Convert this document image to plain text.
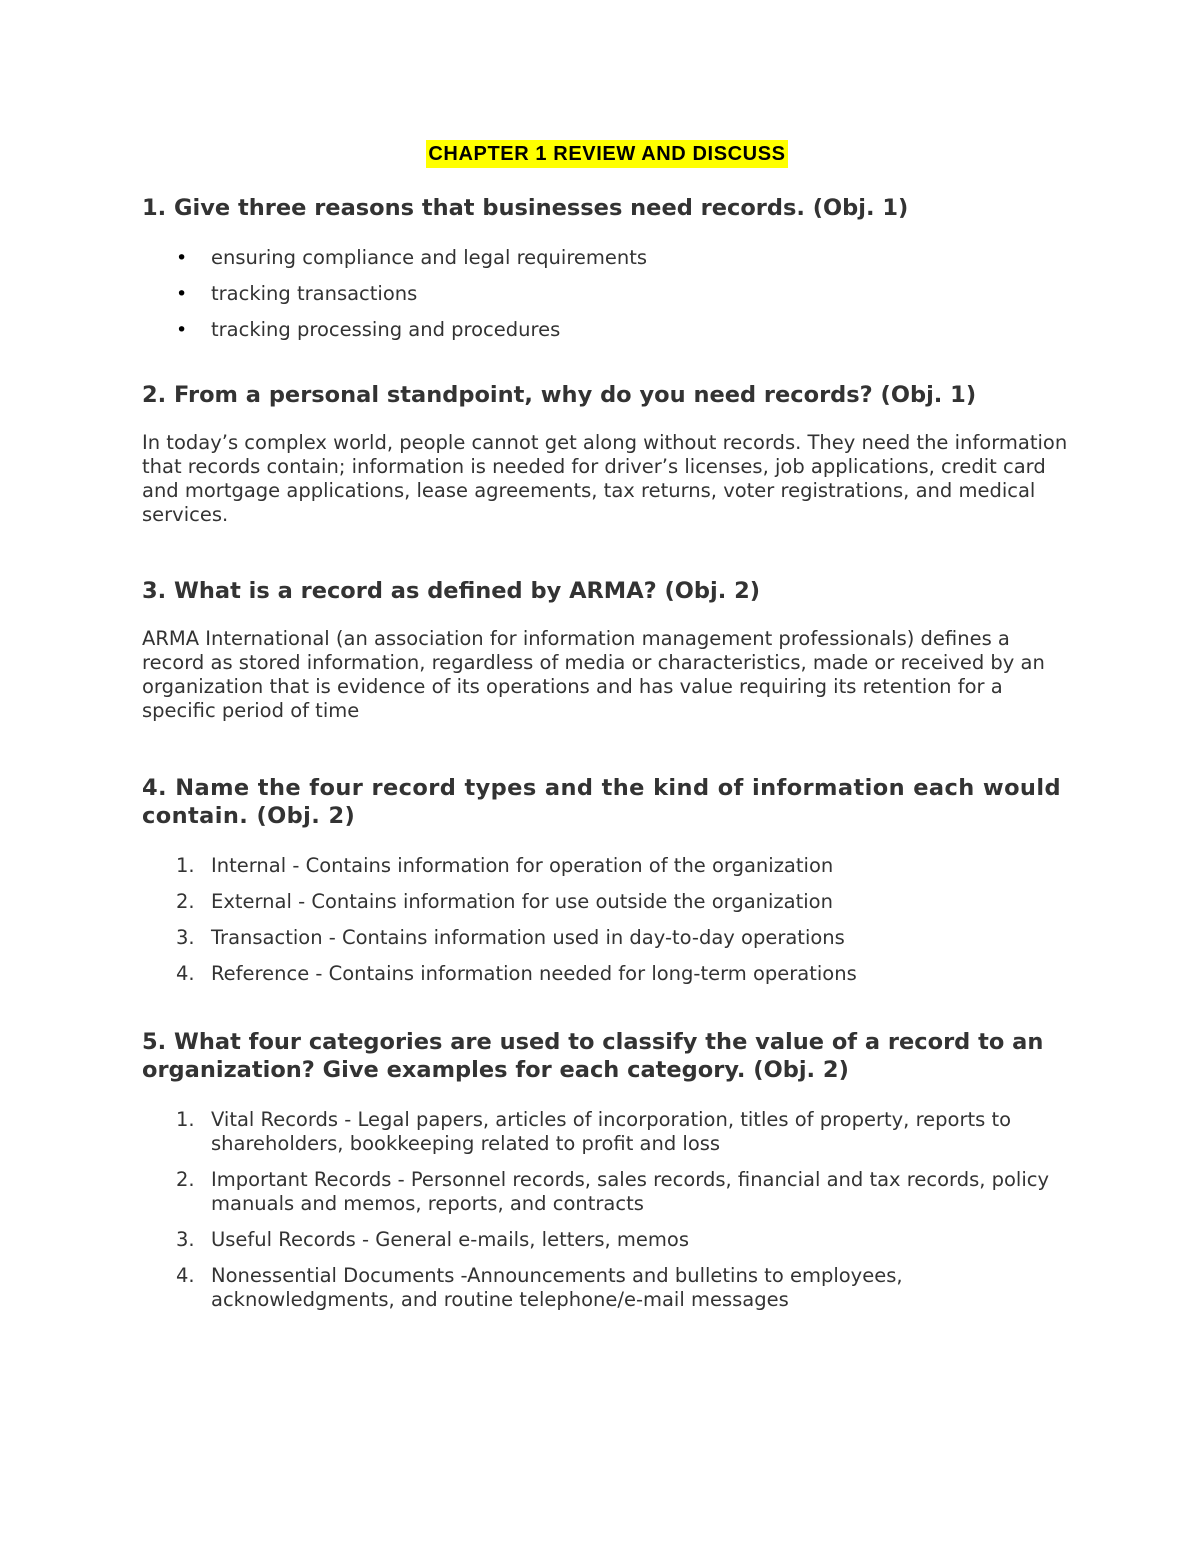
CHAPTER 1 REVIEW AND DISCUSS

1. Give three reasons that businesses need records. (Obj. 1)

• ensuring compliance and legal requirements
• tracking transactions
• tracking processing and procedures

2. From a personal standpoint, why do you need records? (Obj. 1)

In today’s complex world, people cannot get along without records. They need the information that records contain; information is needed for driver’s licenses, job applications, credit card and mortgage applications, lease agreements, tax returns, voter registrations, and medical services.

3. What is a record as defined by ARMA? (Obj. 2)

ARMA International (an association for information management professionals) defines a record as stored information, regardless of media or characteristics, made or received by an organization that is evidence of its operations and has value requiring its retention for a specific period of time

4. Name the four record types and the kind of information each would contain. (Obj. 2)

1. Internal - Contains information for operation of the organization
2. External - Contains information for use outside the organization
3. Transaction - Contains information used in day-to-day operations
4. Reference - Contains information needed for long-term operations

5. What four categories are used to classify the value of a record to an organization? Give examples for each category. (Obj. 2)

1. Vital Records - Legal papers, articles of incorporation, titles of property, reports to shareholders, bookkeeping related to profit and loss
2. Important Records - Personnel records, sales records, financial and tax records, policy manuals and memos, reports, and contracts
3. Useful Records - General e-mails, letters, memos
4. Nonessential Documents -Announcements and bulletins to employees, acknowledgments, and routine telephone/e-mail messages
